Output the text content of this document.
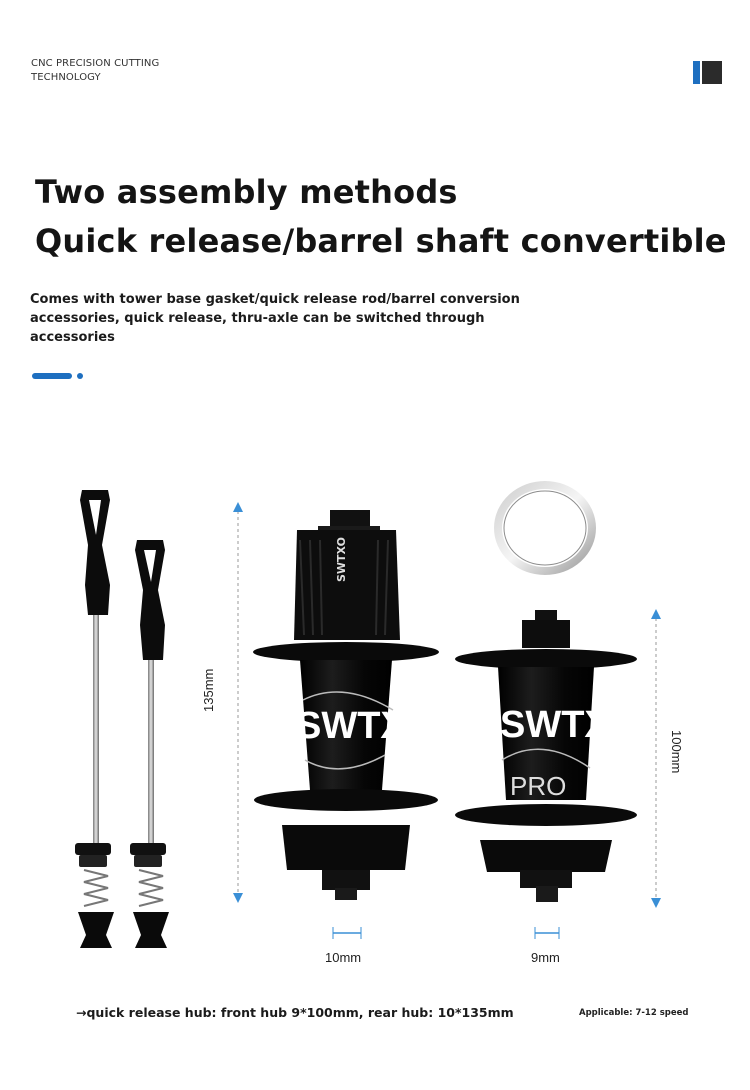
CNC PRECISION CUTTING
TECHNOLOGY
Two assembly methods
Quick release/barrel shaft convertible
Comes with tower base gasket/quick release rod/barrel conversion
accessories, quick release, thru-axle can be switched through accessories
135mm
SWTXO
SWTXO
10mm
SWTXO
PRO
9mm
100mm
→quick release hub: front hub 9*100mm, rear hub: 10*135mm	Applicable: 7-12 speed
